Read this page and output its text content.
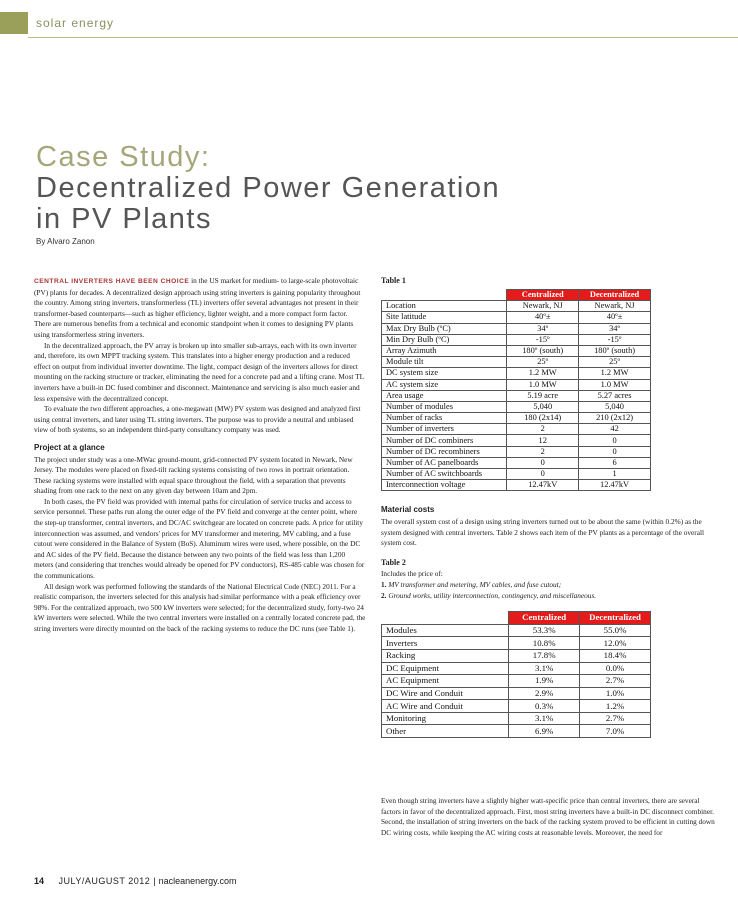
solar energy
Case Study:
Decentralized Power Generation
in PV Plants
By Alvaro Zanon

CENTRAL INVERTERS HAVE BEEN CHOICE in the US market for medium- to large-scale photovoltaic (PV) plants for decades. A decentralized design approach using string inverters is gaining popularity throughout the country. Among string inverters, transformerless (TL) inverters offer several advantages not present in their transformer-based counterparts—such as higher efficiency, lighter weight, and a more compact form factor. There are numerous benefits from a technical and economic standpoint when it comes to designing PV plants using transformerless string inverters.

In the decentralized approach, the PV array is broken up into smaller sub-arrays, each with its own inverter and, therefore, its own MPPT tracking system. This translates into a higher energy production and a reduced effect on output from individual inverter downtime. The light, compact design of the inverters allows for direct mounting on the racking structure or tracker, eliminating the need for a concrete pad and a lifting crane. Most TL inverters have a built-in DC fused combiner and disconnect. Maintenance and servicing is also much easier and less expensive with the decentralized concept.

To evaluate the two different approaches, a one-megawatt (MW) PV system was designed and analyzed first using central inverters, and later using TL string inverters. The purpose was to provide a neutral and unbiased view of both systems, so an independent third-party consultancy company was used.

Project at a glance

The project under study was a one-MWac ground-mount, grid-connected PV system located in Newark, New Jersey. The modules were placed on fixed-tilt racking systems consisting of two rows in portrait orientation. These racking systems were installed with equal space throughout the field, with a separation that prevents shading from one rack to the next on any given day between 10am and 2pm.

In both cases, the PV field was provided with internal paths for circulation of service trucks and access to service personnel. These paths run along the outer edge of the PV field and converge at the center point, where the step-up transformer, central inverters, and DC/AC switchgear are located on concrete pads. A price for utility interconnection was assumed, and vendors' prices for MV transformer and metering, MV cabling, and a fuse cutout were considered in the Balance of System (BoS). Aluminum wires were used, where possible, on the DC and AC sides of the PV field. Because the distance between any two points of the field was less than 1,200 meters (and considering that trenches would already be opened for PV conductors), RS-485 cable was chosen for the communications.

All design work was performed following the standards of the National Electrical Code (NEC) 2011. For a realistic comparison, the inverters selected for this analysis had similar performance with a peak efficiency over 98%. For the centralized approach, two 500 kW inverters were selected; for the decentralized study, forty-two 24 kW inverters were selected. While the two central inverters were installed on a centrally located concrete pad, the string inverters were directly mounted on the back of the racking systems to reduce the DC runs (see Table 1).

Table 1
	Centralized	Decentralized
Location	Newark, NJ	Newark, NJ
Site latitude	40º±	40º±
Max Dry Bulb (ºC)	34º	34º
Min Dry Bulb (ºC)	-15º	-15º
Array Azimuth	180º (south)	180º (south)
Module tilt	25º	25º
DC system size	1.2 MW	1.2 MW
AC system size	1.0 MW	1.0 MW
Area usage	5.19 acre	5.27 acres
Number of modules	5,040	5,040
Number of racks	180 (2x14)	210 (2x12)
Number of inverters	2	42
Number of DC combiners	12	0
Number of DC recombiners	2	0
Number of AC panelboards	0	6
Number of AC switchboards	0	1
Interconnection voltage	12.47kV	12.47kV
Material costs

The overall system cost of a design using string inverters turned out to be about the same (within 0.2%) as the system designed with central inverters. Table 2 shows each item of the PV plants as a percentage of the overall system cost.

Table 2

Includes the price of:

1. MV transformer and metering, MV cables, and fuse cutout;

2. Ground works, utility interconnection, contingency, and miscellaneous.

	Centralized	Decentralized
Modules	53.3%	55.0%
Inverters	10.8%	12.0%
Racking	17.8%	18.4%
DC Equipment	3.1%	0.0%
AC Equipment	1.9%	2.7%
DC Wire and Conduit	2.9%	1.0%
AC Wire and Conduit	0.3%	1.2%
Monitoring	3.1%	2.7%
Other	6.9%	7.0%
Even though string inverters have a slightly higher watt-specific price than central inverters, there are several factors in favor of the decentralized approach. First, most string inverters have a built-in DC disconnect combiner. Second, the installation of string inverters on the back of the racking system proved to be efficient in cutting down DC wiring costs, while keeping the AC wiring costs at reasonable levels. Moreover, the need for
14 JULY/AUGUST 2012 | nacleanenergy.com
